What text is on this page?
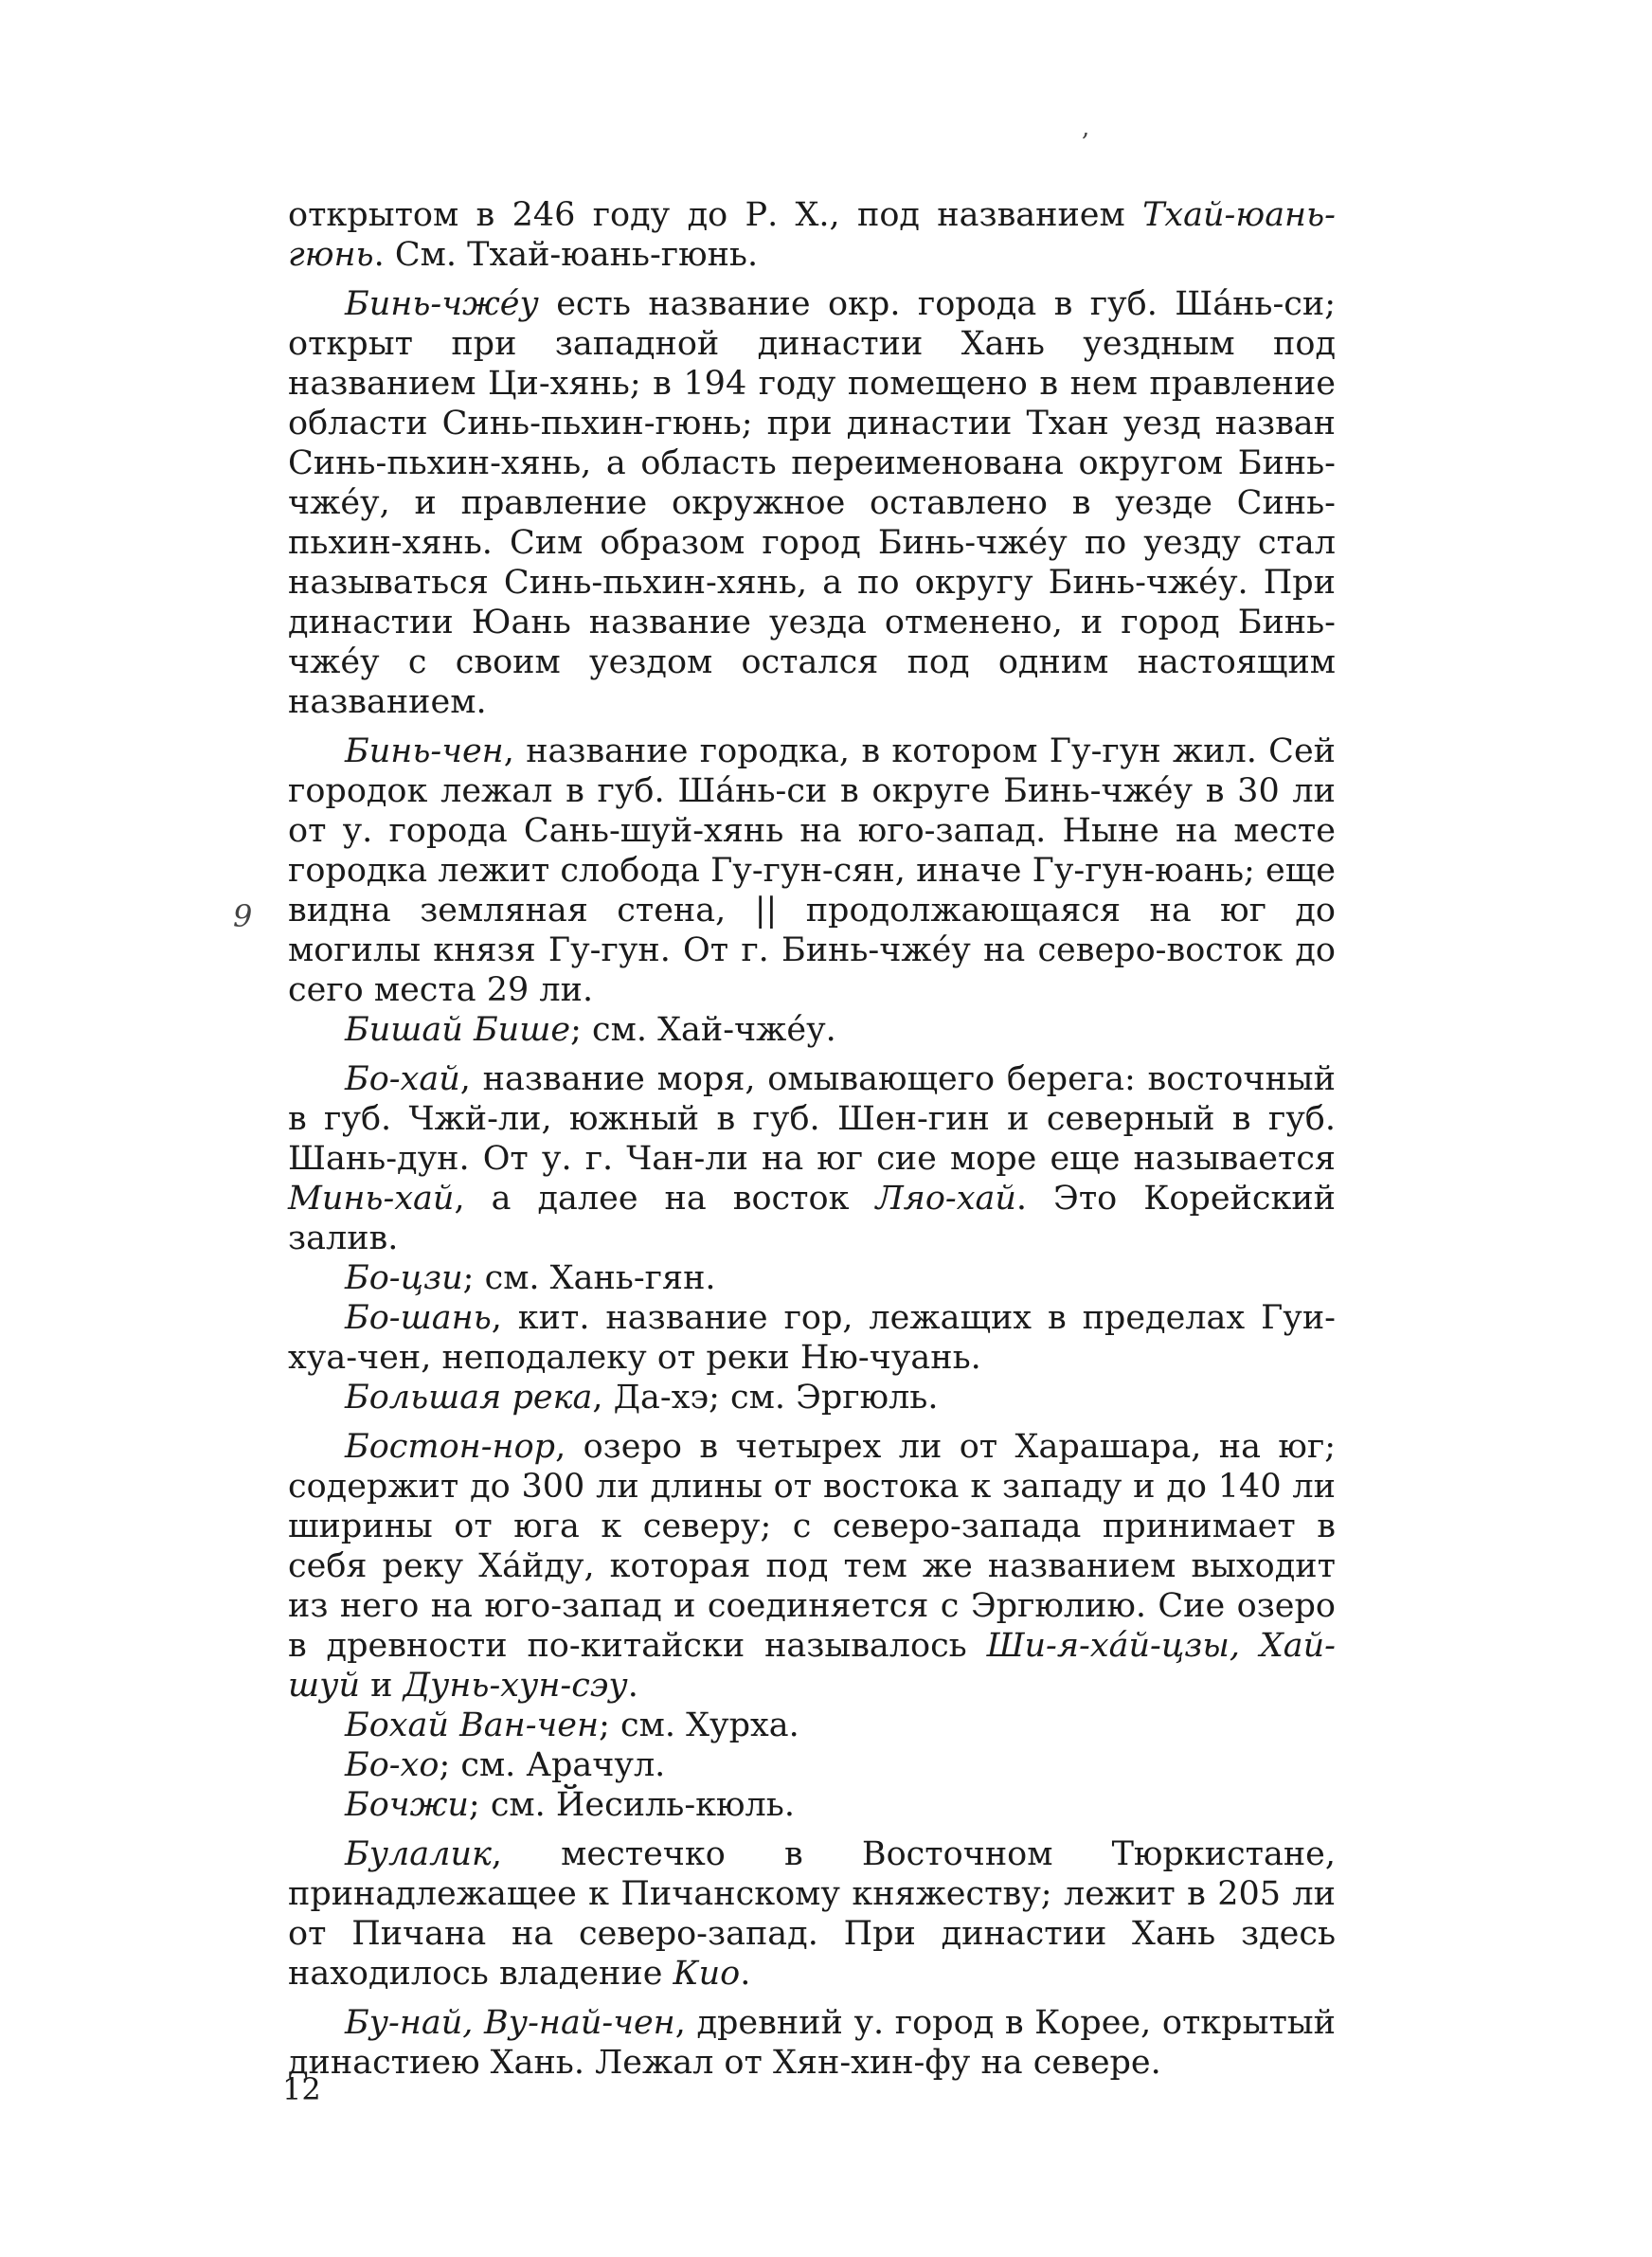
,
9

открытом в 246 году до Р. X., под названием Тхай-юань-гюнь. См. Тхай-юань-гюнь.

Бинь-чжéу есть название окр. города в губ. Шáнь-си; открыт при западной династии Хань уездным под названием Ци-хянь; в 194 году помещено в нем правление области Синь-пьхин-гюнь; при династии Тхан уезд назван Синь-пьхин-хянь, а область переименована округом Бинь-чжéу, и правление окружное оставлено в уезде Синь-пьхин-хянь. Сим образом город Бинь-чжéу по уезду стал называться Синь-пьхин-хянь, а по округу Бинь-чжéу. При династии Юань название уезда отменено, и город Бинь-чжéу с своим уездом остался под одним настоящим названием.

Бинь-чен, название городка, в котором Гу-гун жил. Сей городок лежал в губ. Шáнь-си в округе Бинь-чжéу в 30 ли от у. города Сань-шуй-хянь на юго-запад. Ныне на месте городка лежит слобода Гу-гун-сян, иначе Гу-гун-юань; еще видна земляная стена, || продолжающаяся на юг до могилы князя Гу-гун. От г. Бинь-чжéу на северо-восток до сего места 29 ли.

Бишай Бише; см. Хай-чжéу.

Бо-хай, название моря, омывающего берега: восточный в губ. Чжй-ли, южный в губ. Шен-гин и северный в губ. Шань-дун. От у. г. Чан-ли на юг сие море еще называется Минь-хай, а далее на восток Ляо-хай. Это Корейский залив.

Бо-цзи; см. Хань-гян.

Бо-шань, кит. название гор, лежащих в пределах Гуи-хуа-чен, неподалеку от реки Ню-чуань.

Большая река, Да-хэ; см. Эргюль.

Бостон-нор, озеро в четырех ли от Харашара, на юг; содержит до 300 ли длины от востока к западу и до 140 ли ширины от юга к северу; с северо-запада принимает в себя реку Хáйду, которая под тем же названием выходит из него на юго-запад и соединяется с Эргюлию. Сие озеро в древности по-китайски называлось Ши-я-хáй-цзы, Хай-шуй и Дунь-хун-сэу.

Бохай Ван-чен; см. Хурха.

Бо-хо; см. Арачул.

Бочжи; см. Йесиль-кюль.

Булалик, местечко в Восточном Тюркистане, принадлежащее к Пичанскому княжеству; лежит в 205 ли от Пичана на северо-запад. При династии Хань здесь находилось владение Кио.

Бу-най, Ву-най-чен, древний у. город в Корее, открытый династиею Хань. Лежал от Хян-хин-фу на севере.

12
